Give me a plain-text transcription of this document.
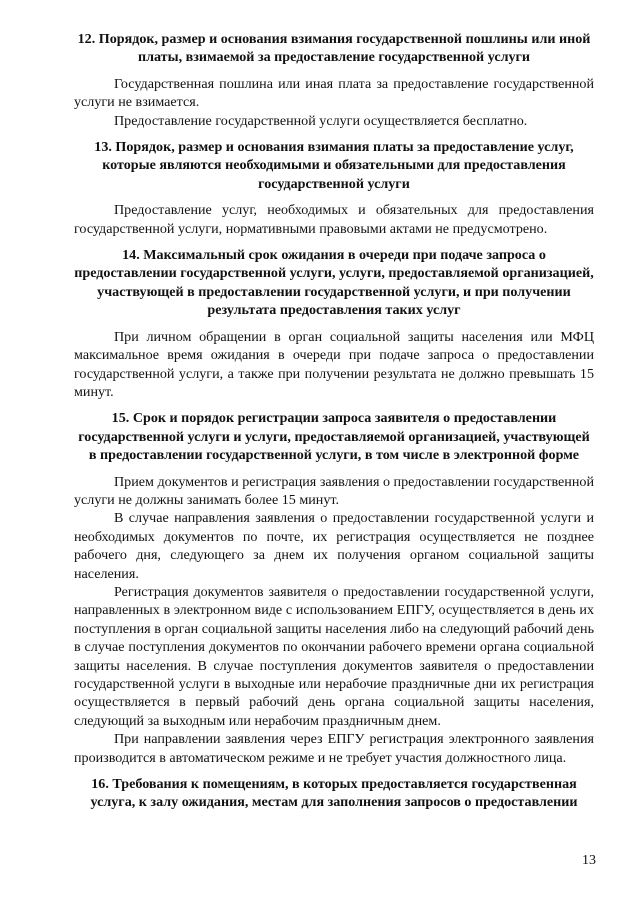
12. Порядок, размер и основания взимания государственной пошлины или иной платы, взимаемой за предоставление государственной услуги

Государственная пошлина или иная плата за предоставление государственной услуги не взимается.

Предоставление государственной услуги осуществляется бесплатно.

13. Порядок, размер и основания взимания платы за предоставление услуг, которые являются необходимыми и обязательными для предоставления государственной услуги

Предоставление услуг, необходимых и обязательных для предоставления государственной услуги, нормативными правовыми актами не предусмотрено.

14. Максимальный срок ожидания в очереди при подаче запроса о предоставлении государственной услуги, услуги, предоставляемой организацией, участвующей в предоставлении государственной услуги, и при получении результата предоставления таких услуг

При личном обращении в орган социальной защиты населения или МФЦ максимальное время ожидания в очереди при подаче запроса о предоставлении государственной услуги, а также при получении результата не должно превышать 15 минут.

15. Срок и порядок регистрации запроса заявителя о предоставлении государственной услуги и услуги, предоставляемой организацией, участвующей в предоставлении государственной услуги, в том числе в электронной форме

Прием документов и регистрация заявления о предоставлении государственной услуги не должны занимать более 15 минут.

В случае направления заявления о предоставлении государственной услуги и необходимых документов по почте, их регистрация осуществляется не позднее рабочего дня, следующего за днем их получения органом социальной защиты населения.

Регистрация документов заявителя о предоставлении государственной услуги, направленных в электронном виде с использованием ЕПГУ, осуществляется в день их поступления в орган социальной защиты населения либо на следующий рабочий день в случае поступления документов по окончании рабочего времени органа социальной защиты населения. В случае поступления документов заявителя о предоставлении государственной услуги в выходные или нерабочие праздничные дни их регистрация осуществляется в первый рабочий день органа социальной защиты населения, следующий за выходным или нерабочим праздничным днем.

При направлении заявления через ЕПГУ регистрация электронного заявления производится в автоматическом режиме и не требует участия должностного лица.

16. Требования к помещениям, в которых предоставляется государственная услуга, к залу ожидания, местам для заполнения запросов о предоставлении
13
